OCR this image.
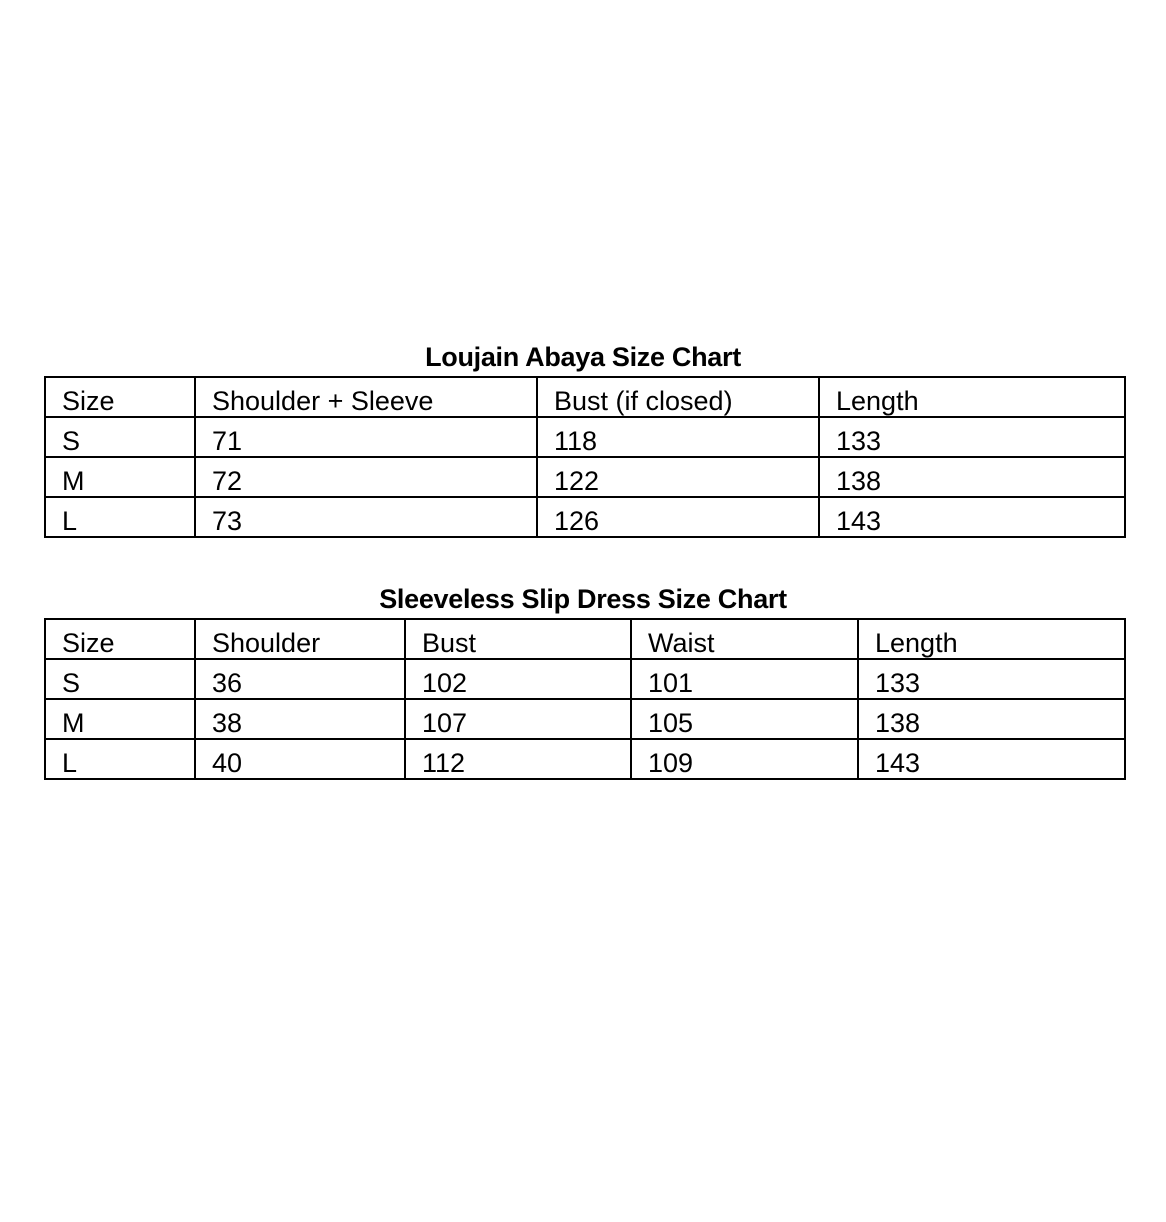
Loujain Abaya Size Chart
Size	Shoulder + Sleeve	Bust (if closed)	Length
S	71	118	133
M	72	122	138
L	73	126	143
Sleeveless Slip Dress Size Chart
Size	Shoulder	Bust	Waist	Length
S	36	102	101	133
M	38	107	105	138
L	40	112	109	143
